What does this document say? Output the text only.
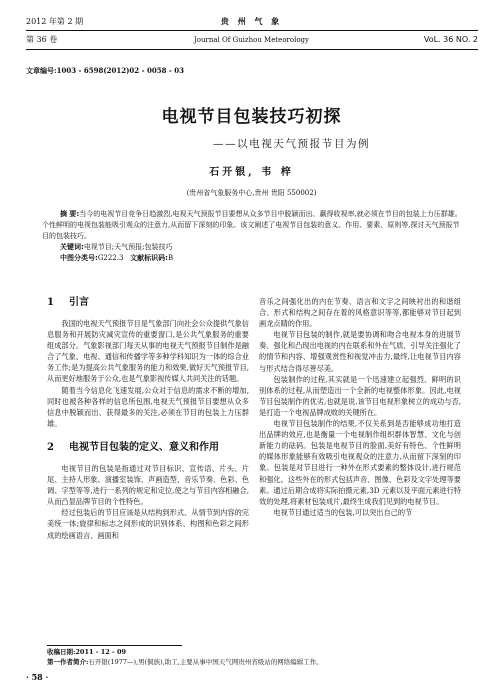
2012 年第 2 期	贵 州 气 象
第 36 卷	Journal Of Guizhou Meteorology	VoL. 36 NO. 2
文章编号:1003 - 6598(2012)02 - 0058 - 03
电视节目包装技巧初探
——以电视天气预报节目为例
石开银, 韦 梓
(贵州省气象服务中心,贵州 贵阳 550002)
摘 要:当今的电视节目竞争日趋激烈,电视天气预报节目要想从众多节目中脱颖而出、赢得收视率,就必须在节目的包装上力压群雄。个性鲜明的电视包装能吸引观众的注意力,从而留下深刻的印象。该文阐述了电视节目包装的意义、作用、要素、原则等,探讨天气预报节目的包装技巧。
关键词:电视节目;天气预报;包装技巧
中图分类号:G222.3 文献标识码:B
1 引言

我国的电视天气预报节目是气象部门向社会公众提供气象信息服务和开展防灾减灾宣传的重要窗口,是公共气象服务的重要组成部分。气象影视部门每天从事的电视天气预报节目制作是融合了气象、电视、通信和传播学等多种学科知识为一体的综合业务工作;是为提高公共气象服务的能力和效果,做好天气预报节目,从而更好地服务于公众,也是气象影视传媒人共同关注的话题。

随着当今信息化飞速发展,公众对于信息的需求不断的增加,同时也被各种各样的信息所包围,电视天气预报节目要想从众多信息中脱颖而出、获得最多的关注,必须在节目的包装上力压群雄。

2 电视节目包装的定义、意义和作用

电视节目的包装是指通过对节目标识、宣传语、片头、片尾、主持人形象、演播室装饰、声画造型、音乐节奏、色彩、色调、字型等等,进行一系列的规定和定位,使之与节目内容相融合,从而凸显品牌节目的个性特色。

经过包装后的节目应该是从结构到形式、从情节到内容的完美统一体;旋律和标志之间形成的识别体系、构图和色彩之间形成的绘画语言、画面和

音乐之间强化出的内在节奏、语言和文字之间映衬出的和谐组合、形式和结构之间存在着的风格意识等等,都能够对节目起到画龙点睛的作用。

电视节目包装的制作,就是要协调和吻合电视本身的进展节奏、强化和凸现出电视的内在联系和外在气质、引导关注强化了的情节和内容、增强观赏性和视觉冲击力,最终,让电视节目内容与形式结合得尽善尽美。

包装制作的过程,其实就是一个迅速建立起强烈、鲜明的识别体系的过程,从而塑造出一个全新的电视整体形象。因此,电视节目包装制作的优劣,也就是说,该节目电视形象树立的成功与否,是打造一个电视品牌成败的关键所在。

电视节目包装制作的结果,不仅关系到是否能够成功地打造出品牌的效应,也是衡量一个电视制作组织群体智慧、文化与创新能力的砝码。包装是电视节目的脸面,美好有特色、个性鲜明的媒体形象能够有效吸引电视观众的注意力,从而留下深刻的印象。包装是对节目进行一种外在形式要素的整体设计,进行规范和强化。这些外在的形式包括声音、图像、色彩及文字处理等要素。通过后期合成将实际拍摄元素,3D 元素以及平面元素进行特效的处理,将素材包装成片,最终生成我们见到的电视节目。

电视节目通过适当的包装,可以突出自己的节

收稿日期:2011 - 12 - 09
第一作者简介:石开银(1977—),男(侗族),助工,主要从事中国天气网贵州省级站的网络编辑工作。
· 58 ·
